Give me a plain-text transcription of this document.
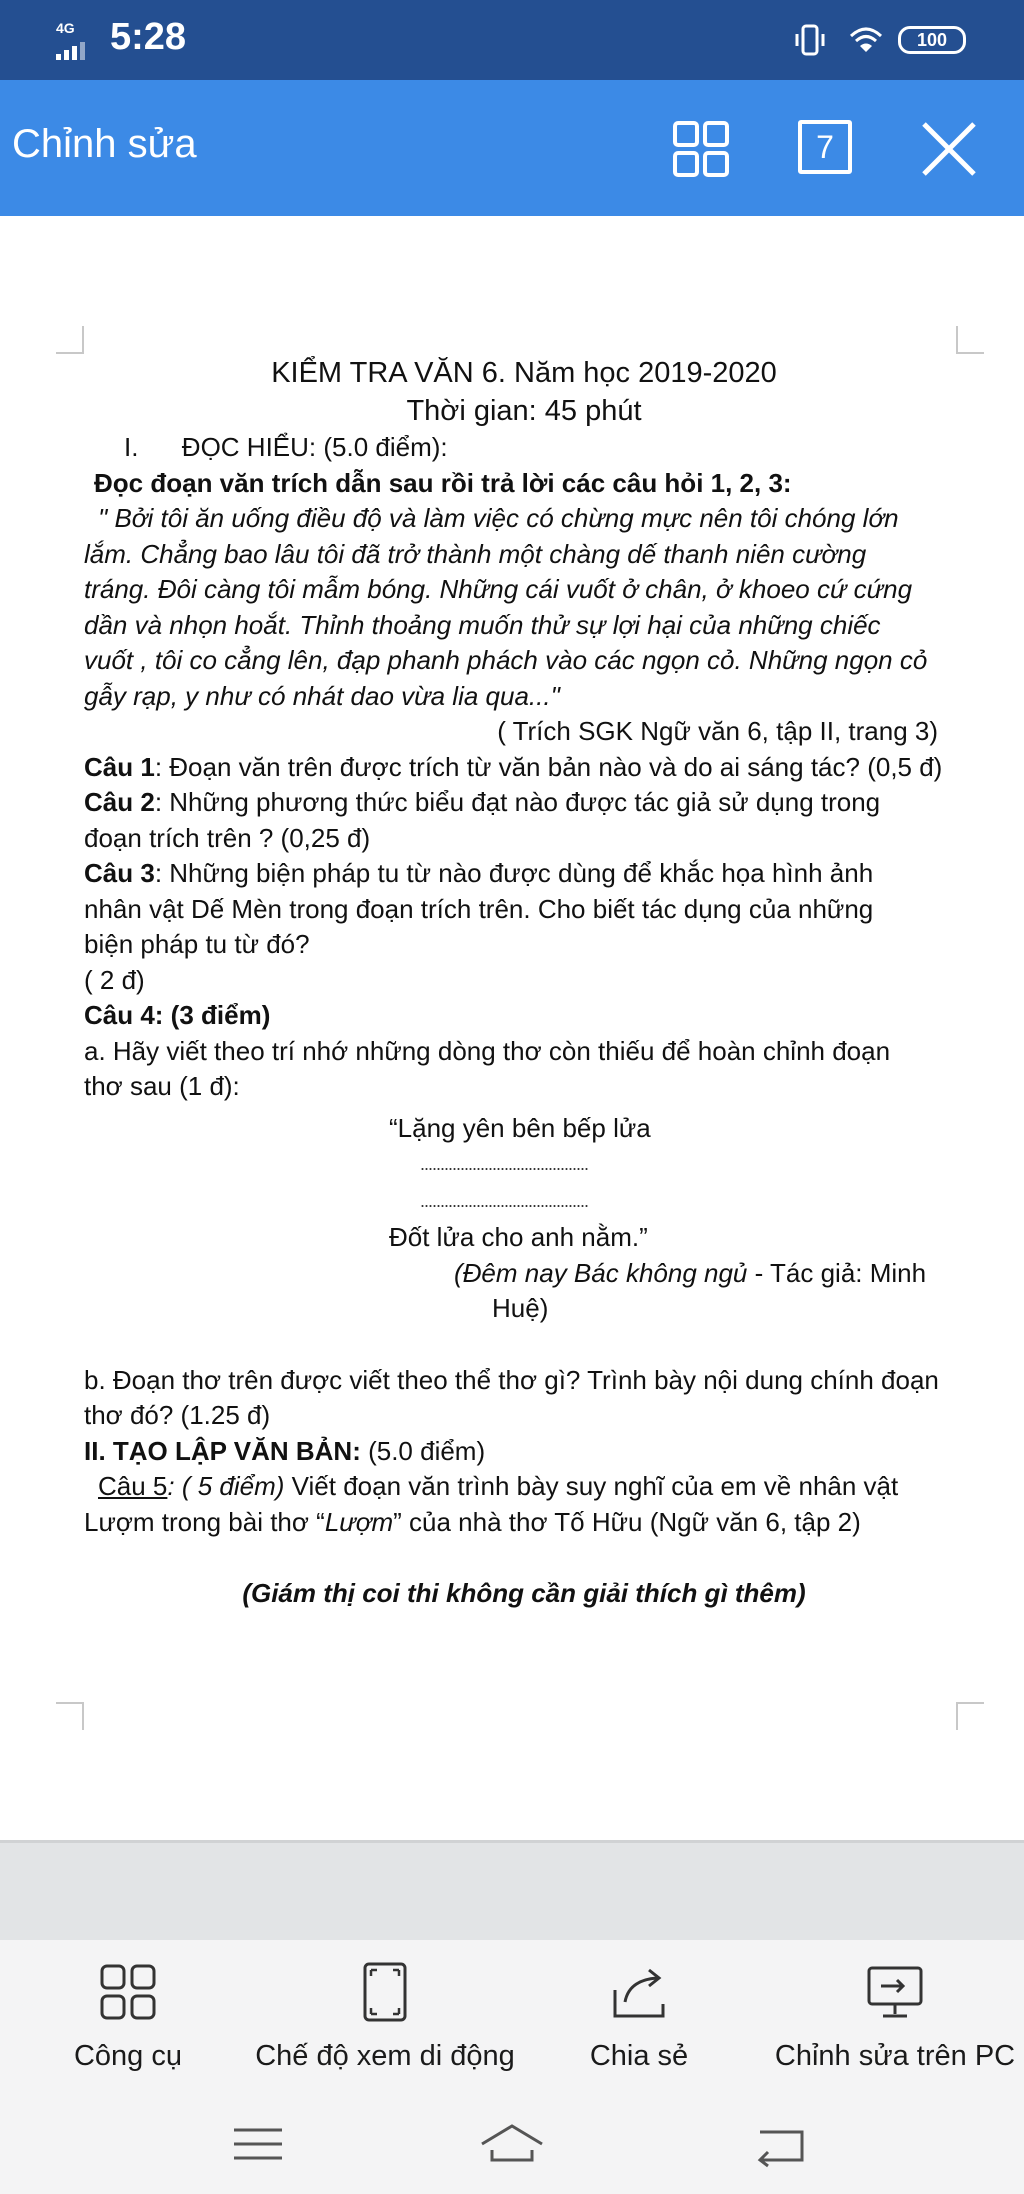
4G 5:28	100
Chỉnh sửa	7
KIỂM TRA VĂN 6. Năm học 2019-2020
Thời gian: 45 phút
I. ĐỌC HIỂU: (5.0 điểm):
Đọc đoạn văn trích dẫn sau rồi trả lời các câu hỏi 1, 2, 3:
" Bởi tôi ăn uống điều độ và làm việc có chừng mực nên tôi chóng lớn
lắm. Chẳng bao lâu tôi đã trở thành một chàng dế thanh niên cường
tráng. Đôi càng tôi mẫm bóng. Những cái vuốt ở chân, ở khoeo cứ cứng
dần và nhọn hoắt. Thỉnh thoảng muốn thử sự lợi hại của những chiếc
vuốt , tôi co cẳng lên, đạp phanh phách vào các ngọn cỏ. Những ngọn cỏ
gẫy rạp, y như có nhát dao vừa lia qua..."
( Trích SGK Ngữ văn 6, tập II, trang 3)
Câu 1: Đoạn văn trên được trích từ văn bản nào và do ai sáng tác? (0,5 đ)
Câu 2: Những phương thức biểu đạt nào được tác giả sử dụng trong
đoạn trích trên ? (0,25 đ)
Câu 3: Những biện pháp tu từ nào được dùng để khắc họa hình ảnh
nhân vật Dế Mèn trong đoạn trích trên. Cho biết tác dụng của những
biện pháp tu từ đó?
( 2 đ)
Câu 4: (3 điểm)
a. Hãy viết theo trí nhớ những dòng thơ còn thiếu để hoàn chỉnh đoạn
thơ sau (1 đ):
“Lặng yên bên bếp lửa
..........................................
..........................................
Đốt lửa cho anh nằm.”
(Đêm nay Bác không ngủ - Tác giả: Minh
Huệ)
b. Đoạn thơ trên được viết theo thể thơ gì? Trình bày nội dung chính đoạn
thơ đó? (1.25 đ)
II. TẠO LẬP VĂN BẢN: (5.0 điểm)
Câu 5: ( 5 điểm) Viết đoạn văn trình bày suy nghĩ của em về nhân vật
Lượm trong bài thơ “Lượm” của nhà thơ Tố Hữu (Ngữ văn 6, tập 2)
(Giám thị coi thi không cần giải thích gì thêm)
Công cụ	Chế độ xem di động	Chia sẻ	Chỉnh sửa trên PC
